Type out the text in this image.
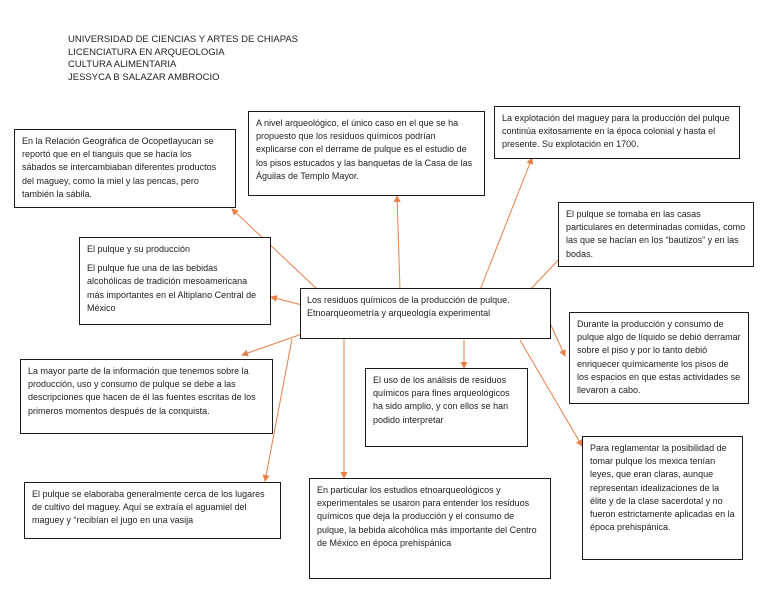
UNIVERSIDAD DE CIENCIAS Y ARTES DE CHIAPAS
LICENCIATURA EN ARQUEOLOGIA
CULTURA ALIMENTARIA
JESSYCA B SALAZAR AMBROCIO

En la Relación Geográfica de Ocopetlayucan se reportó que en el tianguis que se hacía los sábados se intercambiaban diferentes productos del maguey, como la miel y las pencas, pero también la sábila.

A nivel arqueológico, el único caso en el que se ha propuesto que los residuos químicos podrían explicarse con el derrame de pulque es el estudio de los pisos estucados y las banquetas de la Casa de las Águilas de Templo Mayor.

La explotación del maguey para la producción del pulque continúa exitosamente en la época colonial y hasta el presente. Su explotación en 1700.

El pulque se tomaba en las casas particulares en determinadas comidas, como las que se hacían en los “bautizos” y en las bodas.

El pulque y su producción

El pulque fue una de las bebidas alcohólicas de tradición mesoamericana más importantes en el Altiplano Central de México

Los residuos químicos de la producción de pulque.

Etnoarqueometría y arqueología experimental

Durante la producción y consumo de pulque algo de líquido se debió derramar sobre el piso y por lo tanto debió enriquecer químicamente los pisos de los espacios en que estas actividades se llevaron a cabo.

La mayor parte de la información que tenemos sobre la producción, uso y consumo de pulque se debe a las descripciones que hacen de él las fuentes escritas de los primeros momentos después de la conquista.

El uso de los análisis de residuos químicos para fines arqueológicos ha sido amplio, y con ellos se han podido interpretar

Para reglamentar la posibilidad de tomar pulque los mexica tenían leyes, que eran claras, aunque representan idealizaciones de la élite y de la clase sacerdotal y no fueron estrictamente aplicadas en la época prehispánica.

El pulque se elaboraba generalmente cerca de los lugares de cultivo del maguey. Aquí se extraía el aguamiel del maguey y “recibían el jugo en una vasija

En particular los estudios etnoarqueológicos y experimentales se usaron para entender los residuos químicos que deja la producción y el consumo de pulque, la bebida alcohólica más importante del Centro de México en época prehispánica
